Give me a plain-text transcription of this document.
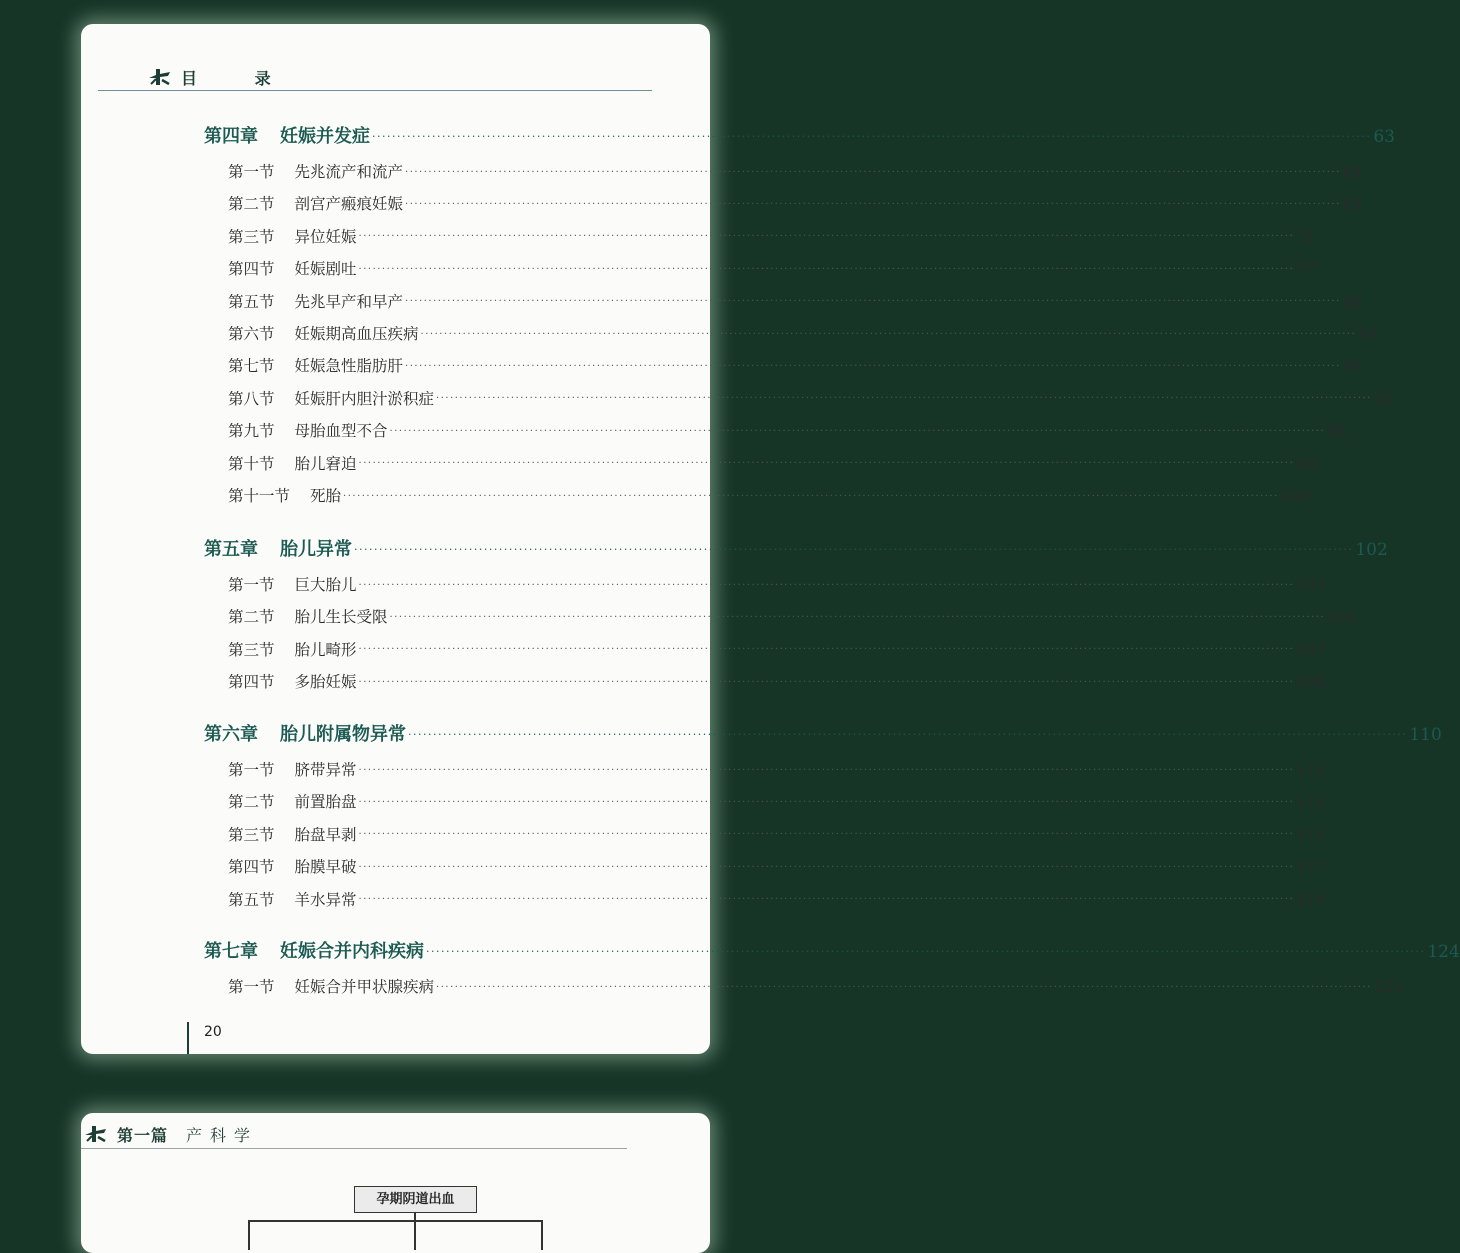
目 录
20
第四章 妊娠并发症 ········································································································································································································ 63
第一节 先兆流产和流产 ········································································································································································································ 64
第二节 剖宫产瘢痕妊娠 ········································································································································································································ 69
第三节 异位妊娠 ········································································································································································································ 71
第四节 妊娠剧吐 ········································································································································································································ 77
第五节 先兆早产和早产 ········································································································································································································ 80
第六节 妊娠期高血压疾病 ········································································································································································································ 84
第七节 妊娠急性脂肪肝 ········································································································································································································ 90
第八节 妊娠肝内胆汁淤积症 ········································································································································································································ 93
第九节 母胎血型不合 ········································································································································································································ 95
第十节 胎儿窘迫 ········································································································································································································ 98
第十一节 死胎 ········································································································································································································ 100
第五章 胎儿异常 ········································································································································································································ 102
第一节 巨大胎儿 ········································································································································································································ 103
第二节 胎儿生长受限 ········································································································································································································ 104
第三节 胎儿畸形 ········································································································································································································ 107
第四节 多胎妊娠 ········································································································································································································ 108
第六章 胎儿附属物异常 ········································································································································································································ 110
第一节 脐带异常 ········································································································································································································ 111
第二节 前置胎盘 ········································································································································································································ 113
第三节 胎盘早剥 ········································································································································································································ 115
第四节 胎膜早破 ········································································································································································································ 117
第五节 羊水异常 ········································································································································································································ 119
第七章 妊娠合并内科疾病 ········································································································································································································ 124
第一节 妊娠合并甲状腺疾病 ········································································································································································································ 125
第一篇 产科学
孕期阴道出血
